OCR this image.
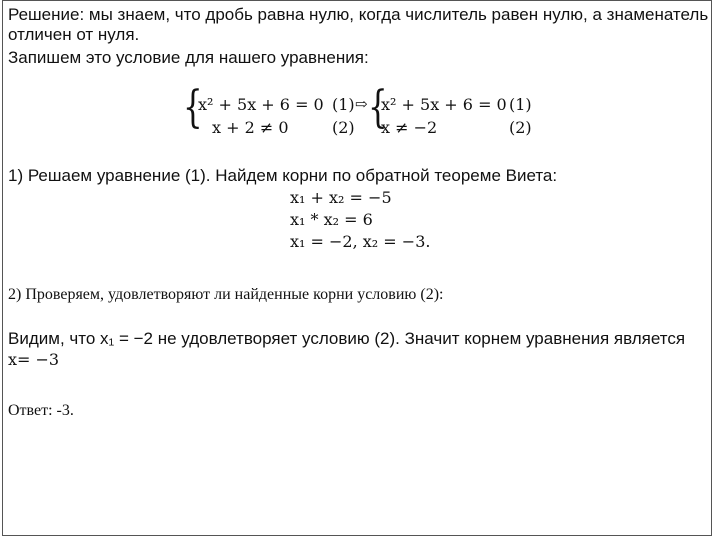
Решение: мы знаем, что дробь равна нулю, когда числитель равен нулю, а знаменатель
отличен от нуля.
Запишем это условие для нашего уравнения:
{
x² + 5x + 6 = 0 (1)
x + 2 ≠ 0	(2)
⇨ {
x² + 5x + 6 = 0 (1)
x ≠ −2	(2)
1) Решаем уравнение (1). Найдем корни по обратной теореме Виета:
x₁ + x₂ = −5
x₁ * x₂ = 6
x₁ = −2, x₂ = −3.
2) Проверяем, удовлетворяют ли найденные корни условию (2):
Видим, что x₁ = −2 не удовлетворяет условию (2). Значит корнем уравнения является
x= −3
Ответ: -3.
